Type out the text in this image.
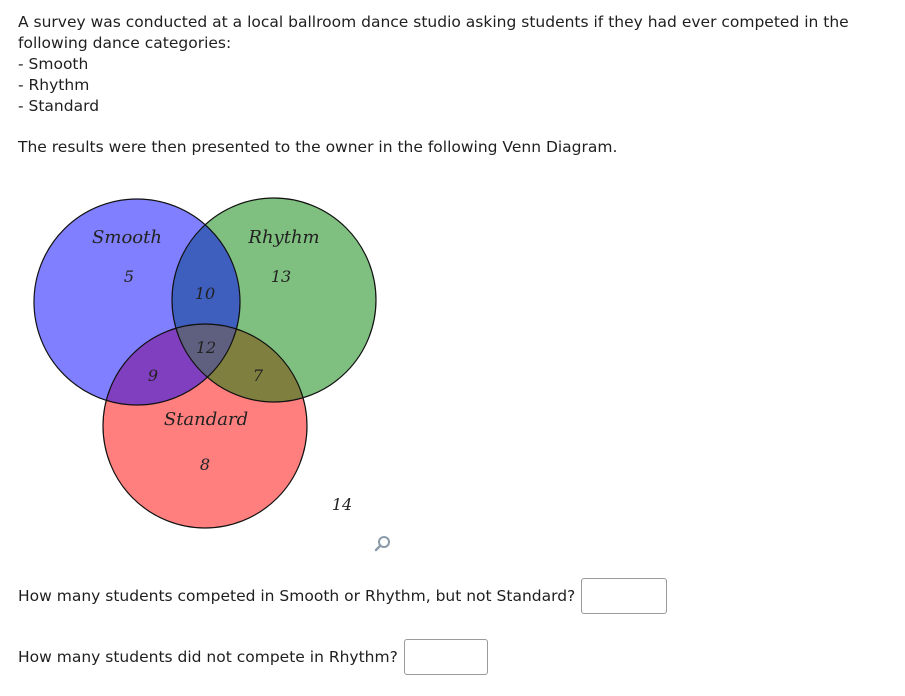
A survey was conducted at a local ballroom dance studio asking students if they had ever competed in the following dance categories:

- Smooth

- Rhythm

- Standard

The results were then presented to the owner in the following Venn Diagram.
Smooth	Rhythm
Standard
5	13
10
12
9	7
8
14
How many students competed in Smooth or Rhythm, but not Standard?
How many students did not compete in Rhythm?
